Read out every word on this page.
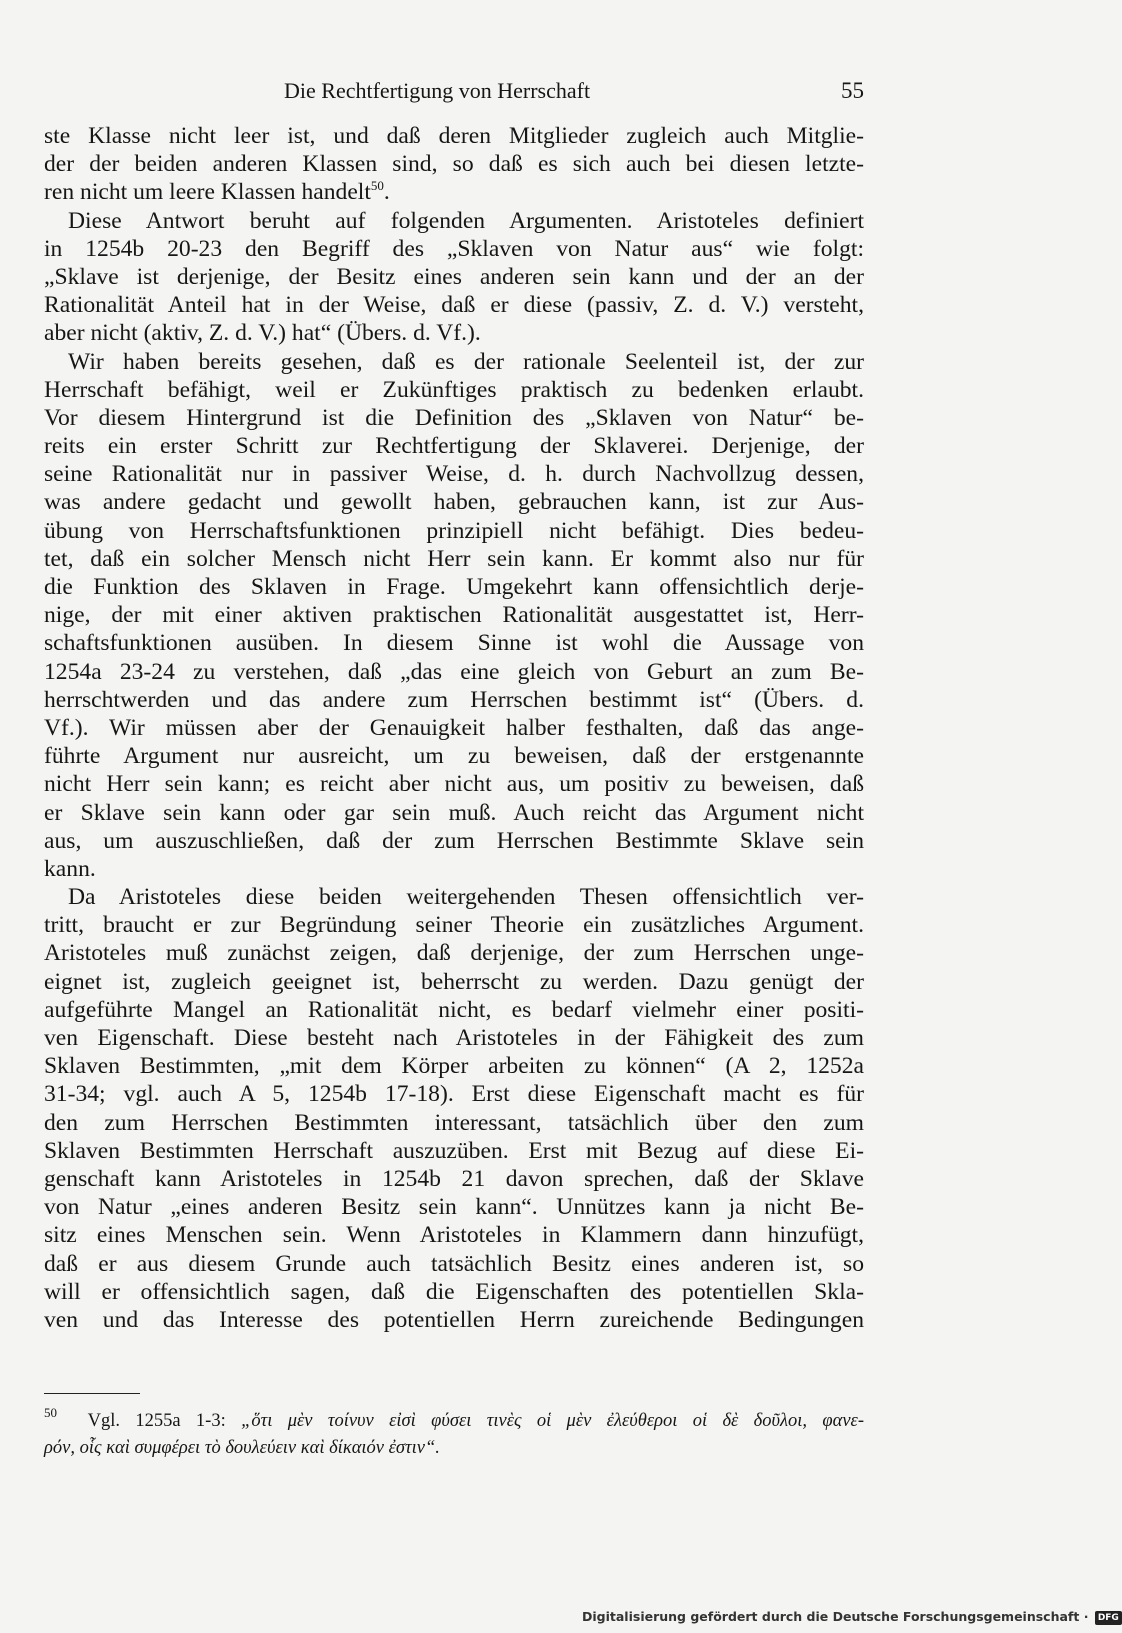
Die Rechtfertigung von Herrschaft	55
ste Klasse nicht leer ist, und daß deren Mitglieder zugleich auch Mitglie-
der der beiden anderen Klassen sind, so daß es sich auch bei diesen letzte-
ren nicht um leere Klassen handelt$^{50}$.
Diese Antwort beruht auf folgenden Argumenten. Aristoteles definiert
in 1254b 20-23 den Begriff des „Sklaven von Natur aus“ wie folgt:
„Sklave ist derjenige, der Besitz eines anderen sein kann und der an der
Rationalität Anteil hat in der Weise, daß er diese (passiv, Z. d. V.) versteht,
aber nicht (aktiv, Z. d. V.) hat“ (Übers. d. Vf.).
Wir haben bereits gesehen, daß es der rationale Seelenteil ist, der zur
Herrschaft befähigt, weil er Zukünftiges praktisch zu bedenken erlaubt.
Vor diesem Hintergrund ist die Definition des „Sklaven von Natur“ be-
reits ein erster Schritt zur Rechtfertigung der Sklaverei. Derjenige, der
seine Rationalität nur in passiver Weise, d. h. durch Nachvollzug dessen,
was andere gedacht und gewollt haben, gebrauchen kann, ist zur Aus-
übung von Herrschaftsfunktionen prinzipiell nicht befähigt. Dies bedeu-
tet, daß ein solcher Mensch nicht Herr sein kann. Er kommt also nur für
die Funktion des Sklaven in Frage. Umgekehrt kann offensichtlich derje-
nige, der mit einer aktiven praktischen Rationalität ausgestattet ist, Herr-
schaftsfunktionen ausüben. In diesem Sinne ist wohl die Aussage von
1254a 23-24 zu verstehen, daß „das eine gleich von Geburt an zum Be-
herrschtwerden und das andere zum Herrschen bestimmt ist“ (Übers. d.
Vf.). Wir müssen aber der Genauigkeit halber festhalten, daß das ange-
führte Argument nur ausreicht, um zu beweisen, daß der erstgenannte
nicht Herr sein kann; es reicht aber nicht aus, um positiv zu beweisen, daß
er Sklave sein kann oder gar sein muß. Auch reicht das Argument nicht
aus, um auszuschließen, daß der zum Herrschen Bestimmte Sklave sein
kann.
Da Aristoteles diese beiden weitergehenden Thesen offensichtlich ver-
tritt, braucht er zur Begründung seiner Theorie ein zusätzliches Argument.
Aristoteles muß zunächst zeigen, daß derjenige, der zum Herrschen unge-
eignet ist, zugleich geeignet ist, beherrscht zu werden. Dazu genügt der
aufgeführte Mangel an Rationalität nicht, es bedarf vielmehr einer positi-
ven Eigenschaft. Diese besteht nach Aristoteles in der Fähigkeit des zum
Sklaven Bestimmten, „mit dem Körper arbeiten zu können“ (A 2, 1252a
31-34; vgl. auch A 5, 1254b 17-18). Erst diese Eigenschaft macht es für
den zum Herrschen Bestimmten interessant, tatsächlich über den zum
Sklaven Bestimmten Herrschaft auszuzüben. Erst mit Bezug auf diese Ei-
genschaft kann Aristoteles in 1254b 21 davon sprechen, daß der Sklave
von Natur „eines anderen Besitz sein kann“. Unnützes kann ja nicht Be-
sitz eines Menschen sein. Wenn Aristoteles in Klammern dann hinzufügt,
daß er aus diesem Grunde auch tatsächlich Besitz eines anderen ist, so
will er offensichtlich sagen, daß die Eigenschaften des potentiellen Skla-
ven und das Interesse des potentiellen Herrn zureichende Bedingungen
$^{50}$ Vgl. 1255a 1-3: „ὅτι μὲν τοίνυν εἰσὶ φύσει τινὲς οἱ μὲν ἐλεύθεροι οἱ δὲ δοῦλοι, φανε-
ρόν, οἷς καὶ συμφέρει τὸ δουλεύειν καὶ δίκαιόν ἐστιν“.
Digitalisierung gefördert durch die Deutsche Forschungsgemeinschaft · DFG
